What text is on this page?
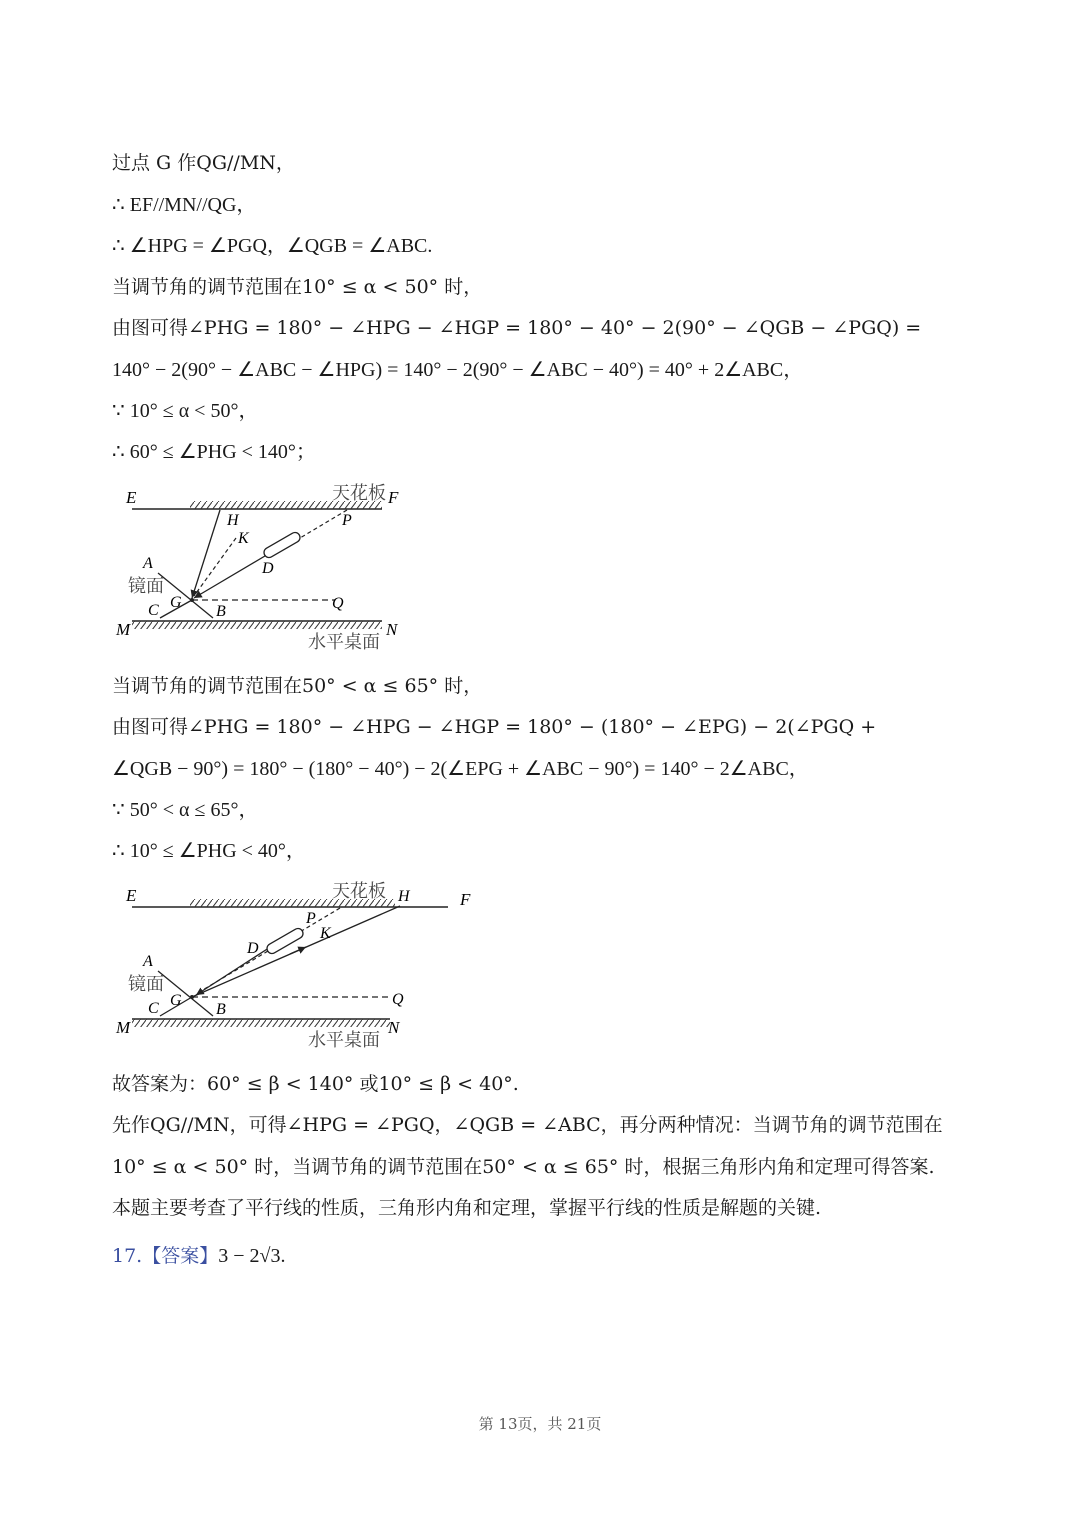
过点 G 作QG//MN，
∴ EF//MN//QG，
∴ ∠HPG = ∠PGQ，∠QGB = ∠ABC.
当调节角的调节范围在10° ≤ α < 50° 时，
由图可得∠PHG = 180° − ∠HPG − ∠HGP = 180° − 40° − 2(90° − ∠QGB − ∠PGQ) =
140° − 2(90° − ∠ABC − ∠HPG) = 140° − 2(90° − ∠ABC − 40°) = 40° + 2∠ABC，
∵ 10° ≤ α < 50°，
∴ 60° ≤ ∠PHG < 140°；
E	天花板 F
H	P
K
D
A
镜面
C G
B	Q
M	N
水平桌面
当调节角的调节范围在50° < α ≤ 65° 时，
由图可得∠PHG = 180° − ∠HPG − ∠HGP = 180° − (180° − ∠EPG) − 2(∠PGQ +
∠QGB − 90°) = 180° − (180° − 40°) − 2(∠EPG + ∠ABC − 90°) = 140° − 2∠ABC，
∵ 50° < α ≤ 65°，
∴ 10° ≤ ∠PHG < 40°，
E	天花板 H	F
P
K
D
A
镜面
C G
B
Q
M	N
水平桌面
故答案为：60° ≤ β < 140° 或10° ≤ β < 40°.
先作QG//MN，可得∠HPG = ∠PGQ，∠QGB = ∠ABC，再分两种情况：当调节角的调节范围在
10° ≤ α < 50° 时，当调节角的调节范围在50° < α ≤ 65° 时，根据三角形内角和定理可得答案.
本题主要考查了平行线的性质，三角形内角和定理，掌握平行线的性质是解题的关键.
17.【答案】3 − 2√3.
第 13页，共 21页
